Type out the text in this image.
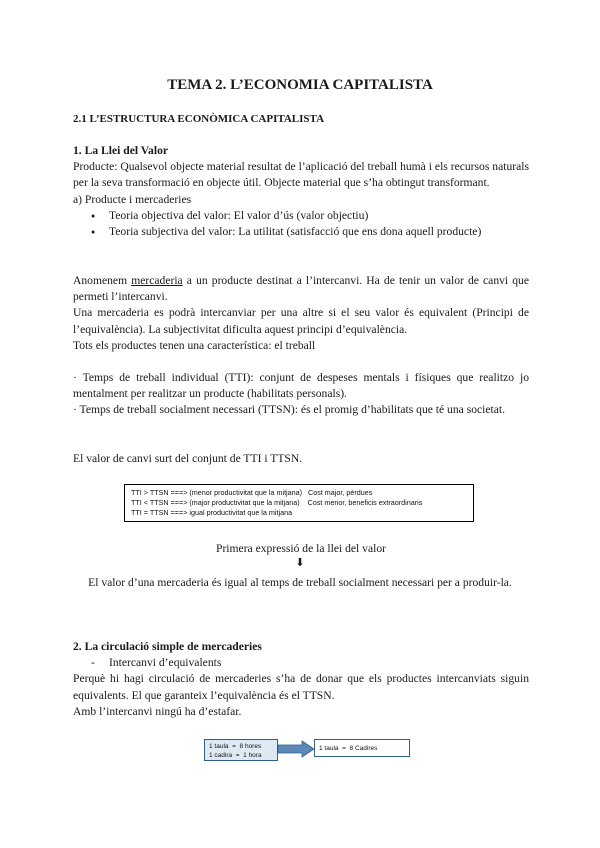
TEMA 2. L’ECONOMIA CAPITALISTA
2.1 L’ESTRUCTURA ECONÒMICA CAPITALISTA
1. La Llei del Valor
Producte: Qualsevol objecte material resultat de l’aplicació del treball humà i els recursos naturals per la seva transformació en objecte útil. Objecte material que s’ha obtingut transformant.
a) Producte i mercaderies
● Teoria objectiva del valor: El valor d’ús (valor objectiu)
● Teoria subjectiva del valor: La utilitat (satisfacció que ens dona aquell producte)
Anomenem mercaderia a un producte destinat a l’intercanvi. Ha de tenir un valor de canvi que permeti l’intercanvi.
Una mercaderia es podrà intercanviar per una altre si el seu valor és equivalent (Principi de l’equivalència). La subjectivitat dificulta aquest principi d’equivalència.
Tots els productes tenen una característica: el treball
· Temps de treball individual (TTI): conjunt de despeses mentals i físiques que realitzo jo mentalment per realitzar un producte (habilitats personals).
· Temps de treball socialment necessari (TTSN): és el promig d’habilitats que té una societat.
El valor de canvi surt del conjunt de TTI i TTSN.
TTI > TTSN ===> (menor productivitat que la mitjana)   Cost major, pèrdues
TTI < TTSN ===> (major productivitat que la mitjana)    Cost menor, beneficis extraordinaris
TTI = TTSN ===> igual productivitat que la mitjana
Primera expressió de la llei del valor
⬇
El valor d’una mercaderia és igual al temps de treball socialment necessari per a produir-la.
2. La circulació simple de mercaderies
- Intercanvi d’equivalents
Perquè hi hagi circulació de mercaderies s’ha de donar que els productes intercanviats siguin equivalents. El que garanteix l’equivalència és el TTSN.
Amb l’intercanvi ningú ha d’estafar.
1 taula  =  8 hores
1 cadira  =  1 hora
1 taula  =  8 Cadires
